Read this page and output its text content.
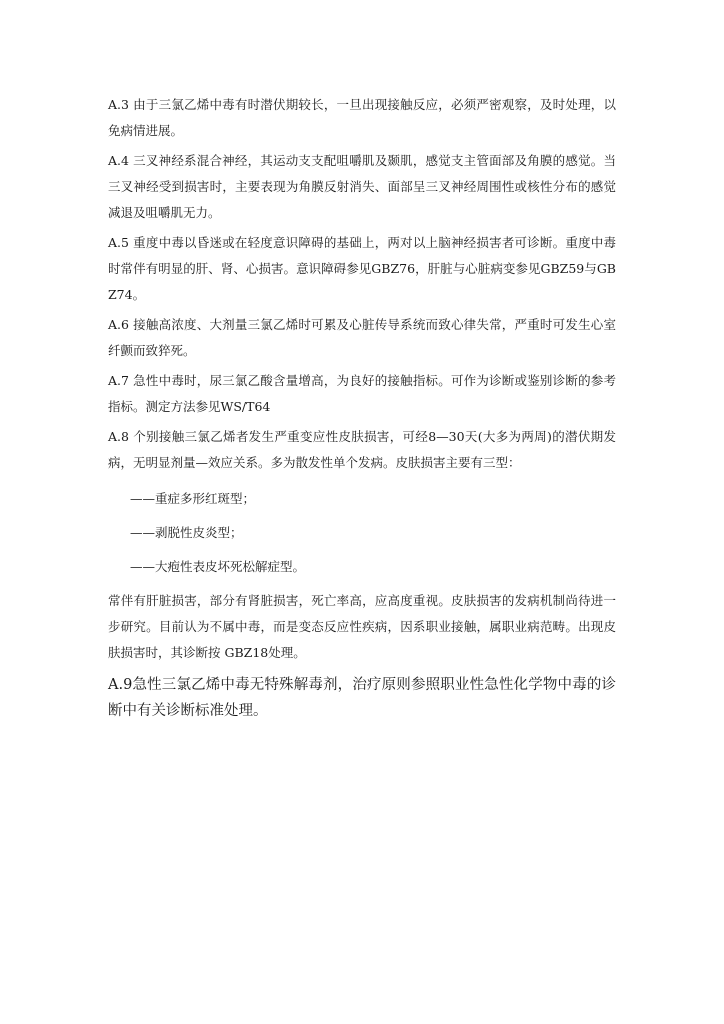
A.3 由于三氯乙烯中毒有时潜伏期较长，一旦出现接触反应，必须严密观察，及时处理，以免病情进展。

A.4 三叉神经系混合神经，其运动支支配咀嚼肌及颞肌，感觉支主管面部及角膜的感觉。当三叉神经受到损害时，主要表现为角膜反射消失、面部呈三叉神经周围性或核性分布的感觉减退及咀嚼肌无力。

A.5 重度中毒以昏迷或在轻度意识障碍的基础上，两对以上脑神经损害者可诊断。重度中毒时常伴有明显的肝、肾、心损害。意识障碍参见GBZ76，肝脏与心脏病变参见GBZ59与GBZ74。

A.6 接触高浓度、大剂量三氯乙烯时可累及心脏传导系统而致心律失常，严重时可发生心室纤颤而致猝死。

A.7 急性中毒时，尿三氯乙酸含量增高，为良好的接触指标。可作为诊断或鉴别诊断的参考指标。测定方法参见WS/T64

A.8 个别接触三氯乙烯者发生严重变应性皮肤损害，可经8—30天(大多为两周)的潜伏期发病，无明显剂量—效应关系。多为散发性单个发病。皮肤损害主要有三型：

——重症多形红斑型；
——剥脱性皮炎型；
——大疱性表皮坏死松解症型。

常伴有肝脏损害，部分有肾脏损害，死亡率高，应高度重视。皮肤损害的发病机制尚待进一步研究。目前认为不属中毒，而是变态反应性疾病，因系职业接触，属职业病范畴。出现皮肤损害时，其诊断按 GBZ18处理。

A.9急性三氯乙烯中毒无特殊解毒剂，治疗原则参照职业性急性化学物中毒的诊断中有关诊断标准处理。
